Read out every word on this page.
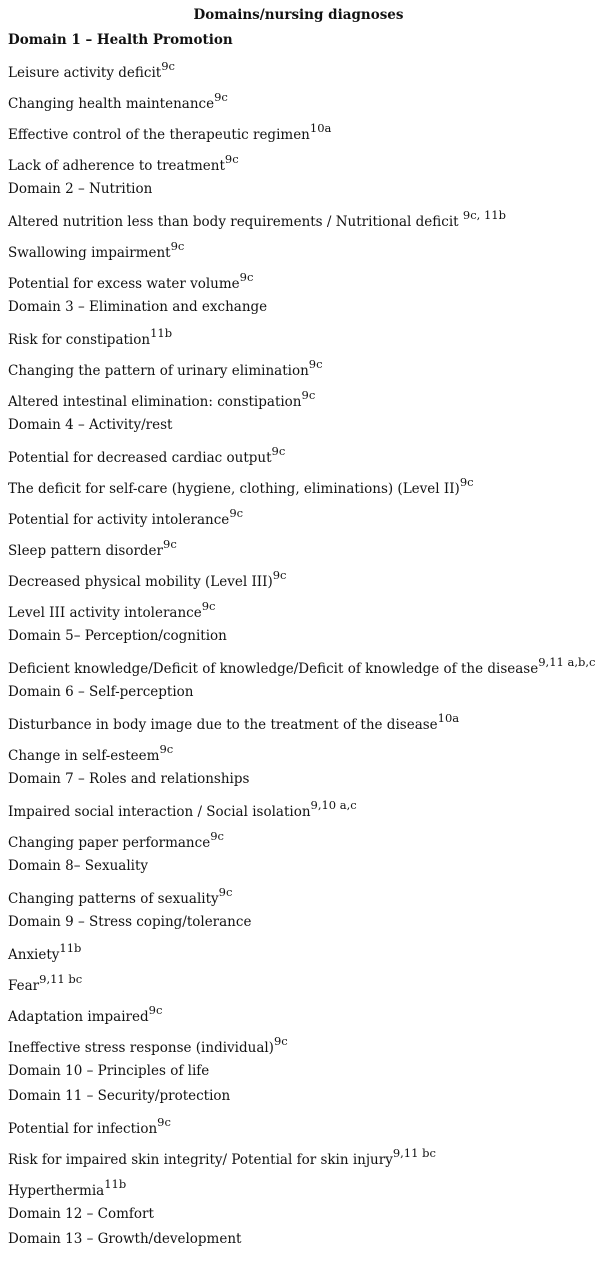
Domains/nursing diagnoses
Domain 1 – Health Promotion
Leisure activity deficit$^{9c}$
Changing health maintenance$^{9c}$
Effective control of the therapeutic regimen$^{10a}$
Lack of adherence to treatment$^{9c}$
Domain 2 – Nutrition
Altered nutrition less than body requirements / Nutritional deficit $^{9c, 11b}$
Swallowing impairment$^{9c}$
Potential for excess water volume$^{9c}$
Domain 3 – Elimination and exchange
Risk for constipation$^{11b}$
Changing the pattern of urinary elimination$^{9c}$
Altered intestinal elimination: constipation$^{9c}$
Domain 4 – Activity/rest
Potential for decreased cardiac output$^{9c}$
The deficit for self-care (hygiene, clothing, eliminations) (Level II)$^{9c}$
Potential for activity intolerance$^{9c}$
Sleep pattern disorder$^{9c}$
Decreased physical mobility (Level III)$^{9c}$
Level III activity intolerance$^{9c}$
Domain 5– Perception/cognition
Deficient knowledge/Deficit of knowledge/Deficit of knowledge of the disease$^{9,11 a,b,c}$
Domain 6 – Self-perception
Disturbance in body image due to the treatment of the disease$^{10a}$
Change in self-esteem$^{9c}$
Domain 7 – Roles and relationships
Impaired social interaction / Social isolation$^{9,10 a,c}$
Changing paper performance$^{9c}$
Domain 8– Sexuality
Changing patterns of sexuality$^{9c}$
Domain 9 – Stress coping/tolerance
Anxiety$^{11b}$
Fear$^{9,11 bc}$
Adaptation impaired$^{9c}$
Ineffective stress response (individual)$^{9c}$
Domain 10 – Principles of life
Domain 11 – Security/protection
Potential for infection$^{9c}$
Risk for impaired skin integrity/ Potential for skin injury$^{9,11 bc}$
Hyperthermia$^{11b}$
Domain 12 – Comfort
Domain 13 – Growth/development
